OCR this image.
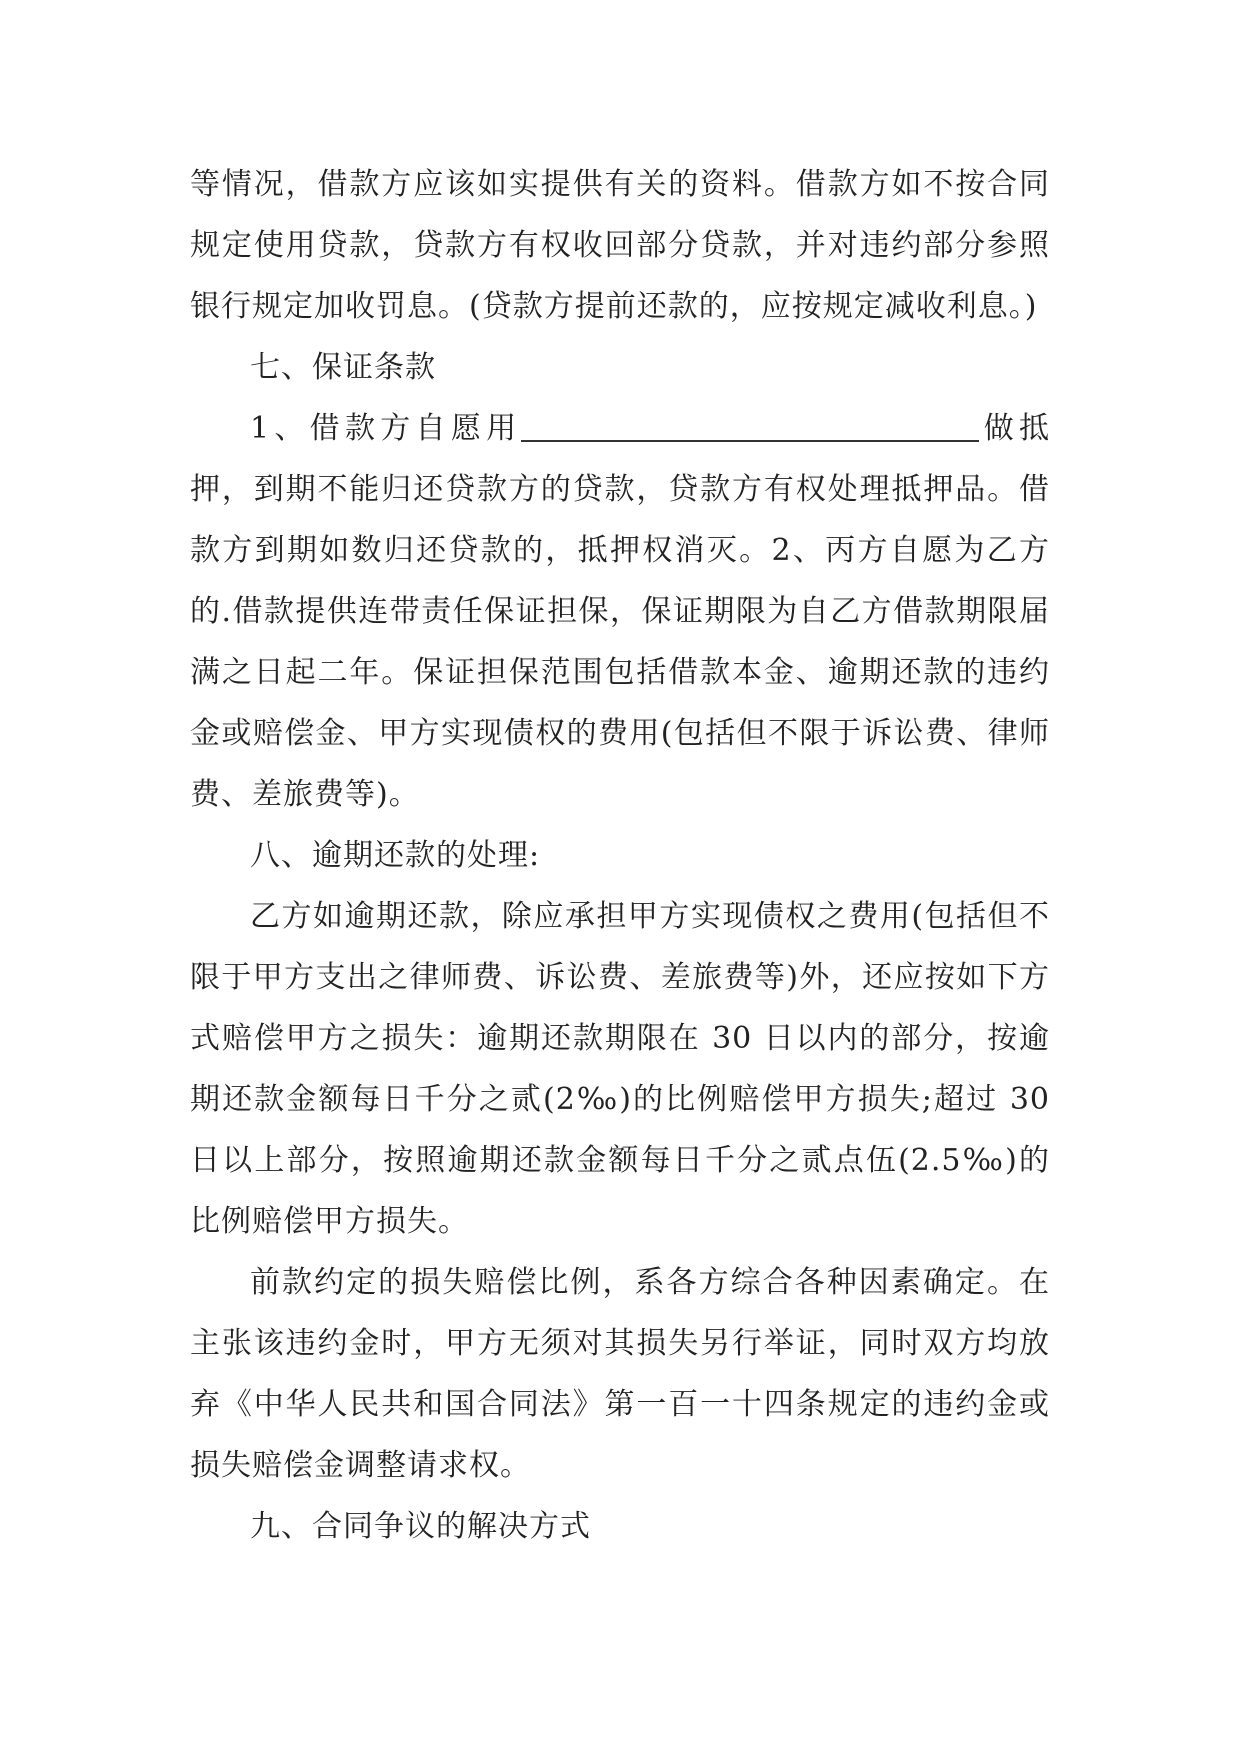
等情况，借款方应该如实提供有关的资料。借款方如不按合同规定使用贷款，贷款方有权收回部分贷款，并对违约部分参照银行规定加收罚息。(贷款方提前还款的，应按规定减收利息。)

七、保证条款

1、借款方自愿用	做抵押，到期不能归还贷款方的贷款，贷款方有权处理抵押品。借款方到期如数归还贷款的，抵押权消灭。2、丙方自愿为乙方的.借款提供连带责任保证担保，保证期限为自乙方借款期限届满之日起二年。保证担保范围包括借款本金、逾期还款的违约金或赔偿金、甲方实现债权的费用(包括但不限于诉讼费、律师费、差旅费等)。

八、逾期还款的处理:

乙方如逾期还款，除应承担甲方实现债权之费用(包括但不限于甲方支出之律师费、诉讼费、差旅费等)外，还应按如下方式赔偿甲方之损失：逾期还款期限在 30 日以内的部分，按逾期还款金额每日千分之贰(2‰)的比例赔偿甲方损失;超过 30 日以上部分，按照逾期还款金额每日千分之贰点伍(2.5‰)的比例赔偿甲方损失。

前款约定的损失赔偿比例，系各方综合各种因素确定。在主张该违约金时，甲方无须对其损失另行举证，同时双方均放弃《中华人民共和国合同法》第一百一十四条规定的违约金或损失赔偿金调整请求权。

九、合同争议的解决方式
